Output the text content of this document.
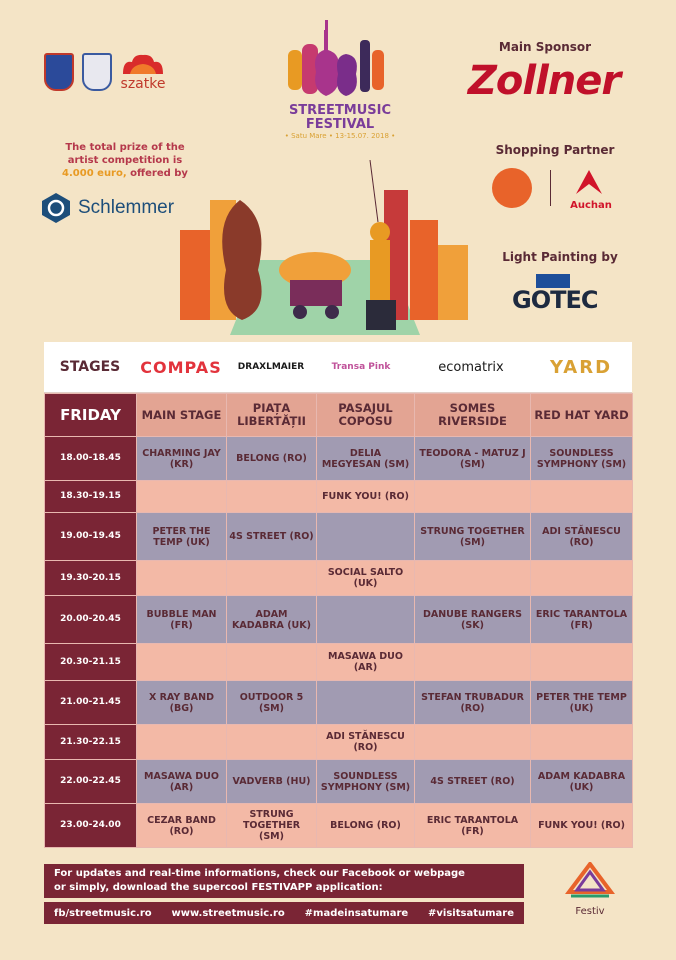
szatke
STREETMUSIC
FESTIVAL
• Satu Mare • 13-15.07. 2018 •
Main Sponsor
Zollner
Shopping Partner
Auchan
Light Painting by
GOTEC
The total prize of the
artist competition is
4.000 euro, offered by
Schlemmer
STAGES	COMPAS	DRAXLMAIER	Transa Pink	ecomatrix	YARD
FRIDAY	MAIN STAGE	PIAȚA LIBERTĂȚII	PASAJUL COPOSU	SOMES RIVERSIDE	RED HAT YARD
18.00-18.45	CHARMING JAY (KR)	BELONG (RO)	DELIA MEGYESAN (SM)	TEODORA - MATUZ J (SM)	SOUNDLESS SYMPHONY (SM)
18.30-19.15			FUNK YOU! (RO)		
19.00-19.45	PETER THE TEMP (UK)	4S STREET (RO)		STRUNG TOGETHER (SM)	ADI STĂNESCU (RO)
19.30-20.15			SOCIAL SALTO (UK)		
20.00-20.45	BUBBLE MAN (FR)	ADAM KADABRA (UK)		DANUBE RANGERS (SK)	ERIC TARANTOLA (FR)
20.30-21.15			MASAWA DUO (AR)		
21.00-21.45	X RAY BAND (BG)	OUTDOOR 5 (SM)		STEFAN TRUBADUR (RO)	PETER THE TEMP (UK)
21.30-22.15			ADI STĂNESCU (RO)		
22.00-22.45	MASAWA DUO (AR)	VADVERB (HU)	SOUNDLESS SYMPHONY (SM)	4S STREET (RO)	ADAM KADABRA (UK)
23.00-24.00	CEZAR BAND (RO)	STRUNG TOGETHER (SM)	BELONG (RO)	ERIC TARANTOLA (FR)	FUNK YOU! (RO)
For updates and real-time informations, check our Facebook or webpage
or simply, download the supercool FESTIVAPP application:
fb/streetmusic.ro www.streetmusic.ro #madeinsatumare #visitsatumare	Festiv
